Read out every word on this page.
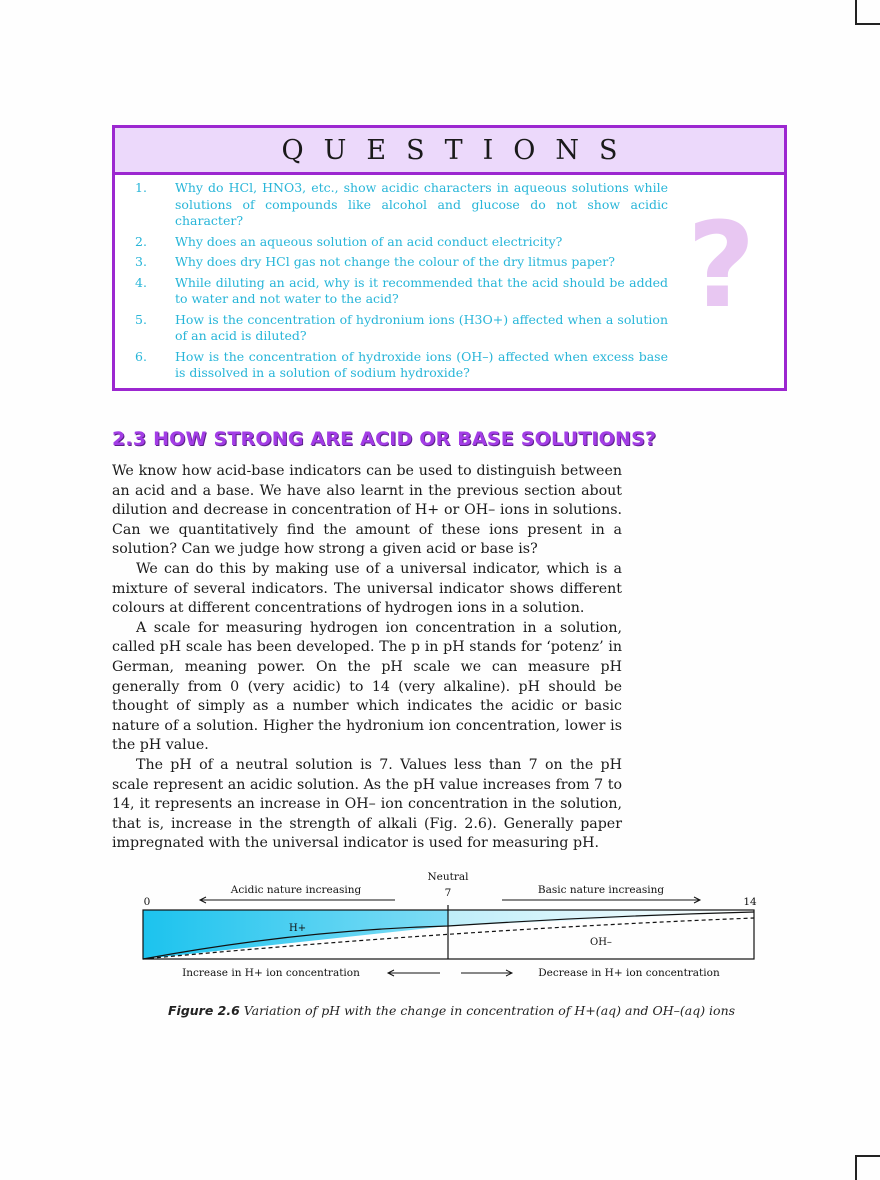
QUESTIONS
1. Why do HCl, HNO3, etc., show acidic characters in aqueous solutions while solutions of compounds like alcohol and glucose do not show acidic character?
2. Why does an aqueous solution of an acid conduct electricity?
3. Why does dry HCl gas not change the colour of the dry litmus paper?
4. While diluting an acid, why is it recommended that the acid should be added to water and not water to the acid?
5. How is the concentration of hydronium ions (H3O+) affected when a solution of an acid is diluted?
6. How is the concentration of hydroxide ions (OH–) affected when excess base is dissolved in a solution of sodium hydroxide?
?
2.3 HOW STRONG ARE ACID OR BASE SOLUTIONS?

We know how acid-base indicators can be used to distinguish between an acid and a base. We have also learnt in the previous section about dilution and decrease in concentration of H+ or OH– ions in solutions. Can we quantitatively find the amount of these ions present in a solution? Can we judge how strong a given acid or base is?

We can do this by making use of a universal indicator, which is a mixture of several indicators. The universal indicator shows different colours at different concentrations of hydrogen ions in a solution.

A scale for measuring hydrogen ion concentration in a solution, called pH scale has been developed. The p in pH stands for ‘potenz’ in German, meaning power. On the pH scale we can measure pH generally from 0 (very acidic) to 14 (very alkaline). pH should be thought of simply as a number which indicates the acidic or basic nature of a solution. Higher the hydronium ion concentration, lower is the pH value.

The pH of a neutral solution is 7. Values less than 7 on the pH scale represent an acidic solution. As the pH value increases from 7 to 14, it represents an increase in OH– ion concentration in the solution, that is, increase in the strength of alkali (Fig. 2.6). Generally paper impregnated with the universal indicator is used for measuring pH.

Neutral
7
0	14
Acidic nature increasing	Basic nature increasing
H+
OH–
Increase in H+ ion concentration	Decrease in H+ ion concentration
Figure 2.6 Variation of pH with the change in concentration of H+(aq) and OH–(aq) ions
